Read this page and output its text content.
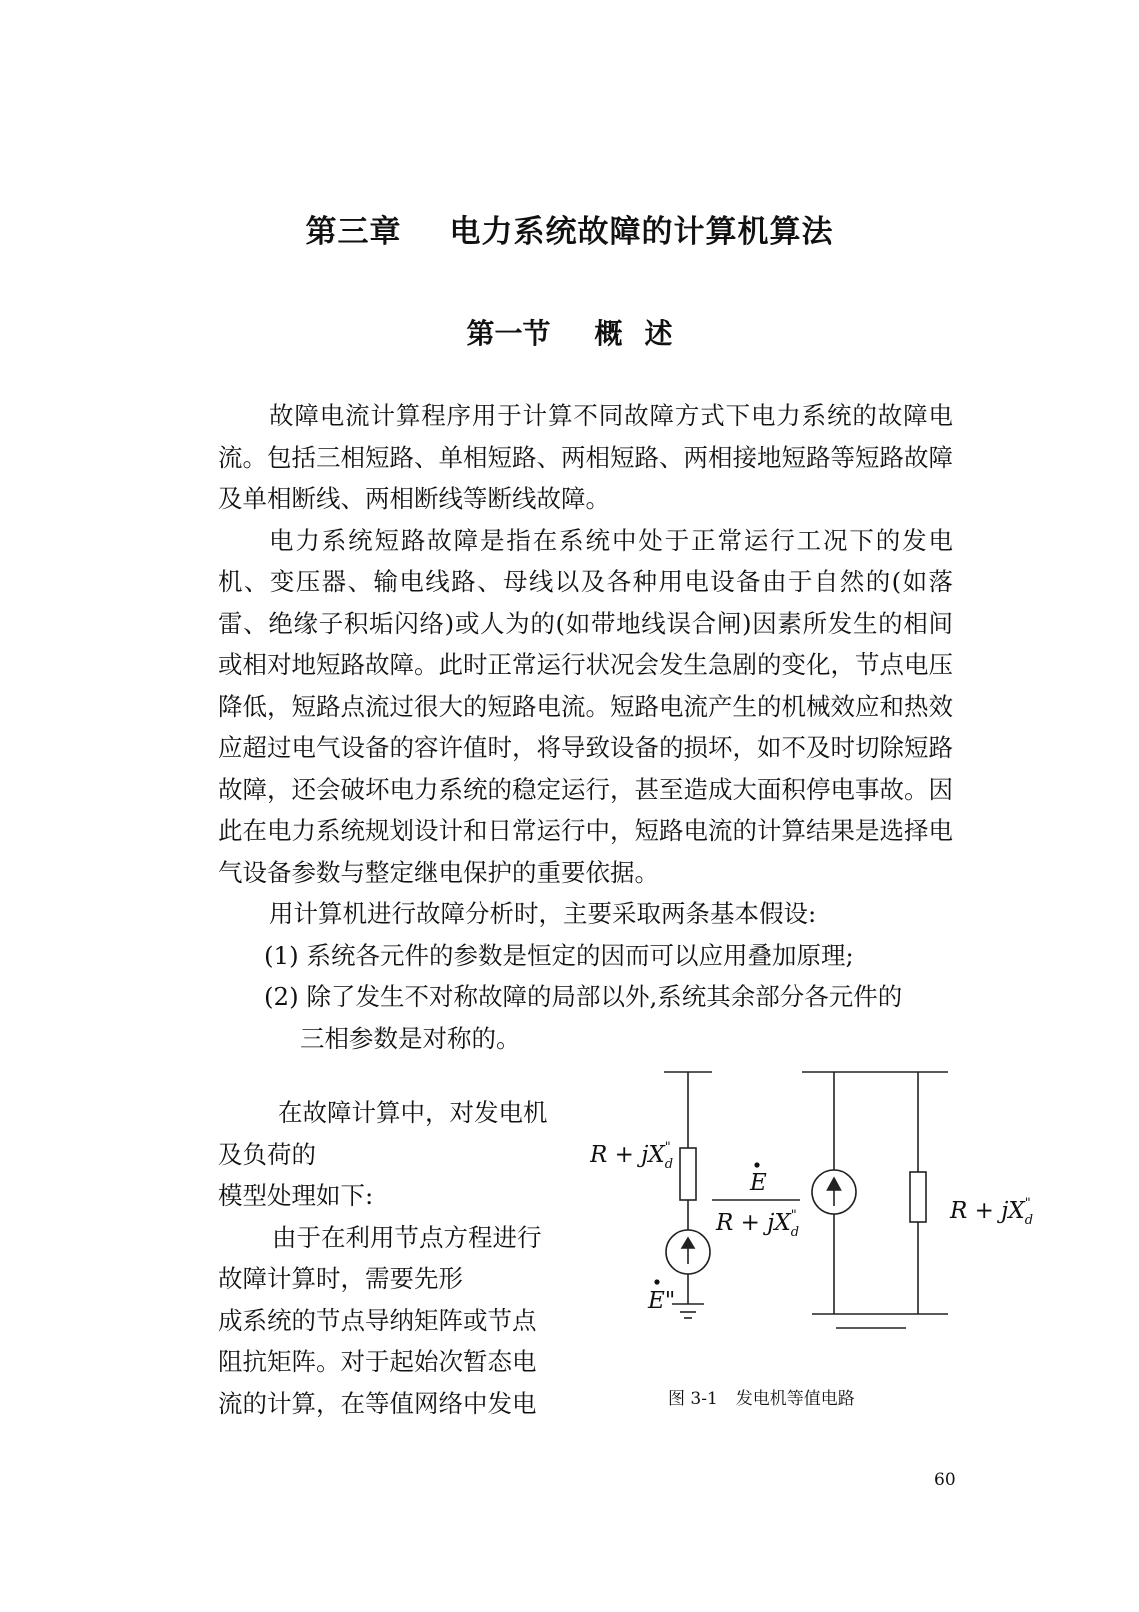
第三章 电力系统故障的计算机算法
第一节 概 述

故障电流计算程序用于计算不同故障方式下电力系统的故障电流。包括三相短路、单相短路、两相短路、两相接地短路等短路故障及单相断线、两相断线等断线故障。

电力系统短路故障是指在系统中处于正常运行工况下的发电机、变压器、输电线路、母线以及各种用电设备由于自然的(如落雷、绝缘子积垢闪络)或人为的(如带地线误合闸)因素所发生的相间或相对地短路故障。此时正常运行状况会发生急剧的变化，节点电压降低，短路点流过很大的短路电流。短路电流产生的机械效应和热效应超过电气设备的容许值时，将导致设备的损坏，如不及时切除短路故障，还会破坏电力系统的稳定运行，甚至造成大面积停电事故。因此在电力系统规划设计和日常运行中，短路电流的计算结果是选择电气设备参数与整定继电保护的重要依据。

用计算机进行故障分析时，主要采取两条基本假设:

(1) 系统各元件的参数是恒定的因而可以应用叠加原理;

(2) 除了发生不对称故障的局部以外,系统其余部分各元件的

三相参数是对称的。

在故障计算中，对发电机及负荷的

模型处理如下:

由于在利用节点方程进行

故障计算时，需要先形

成系统的节点导纳矩阵或节点

阻抗矩阵。对于起始次暂态电

流的计算，在等值网络中发电

R + jX" d
E"
E
R + jX" d
R + jX" d
图 3-1 发电机等值电路
60
